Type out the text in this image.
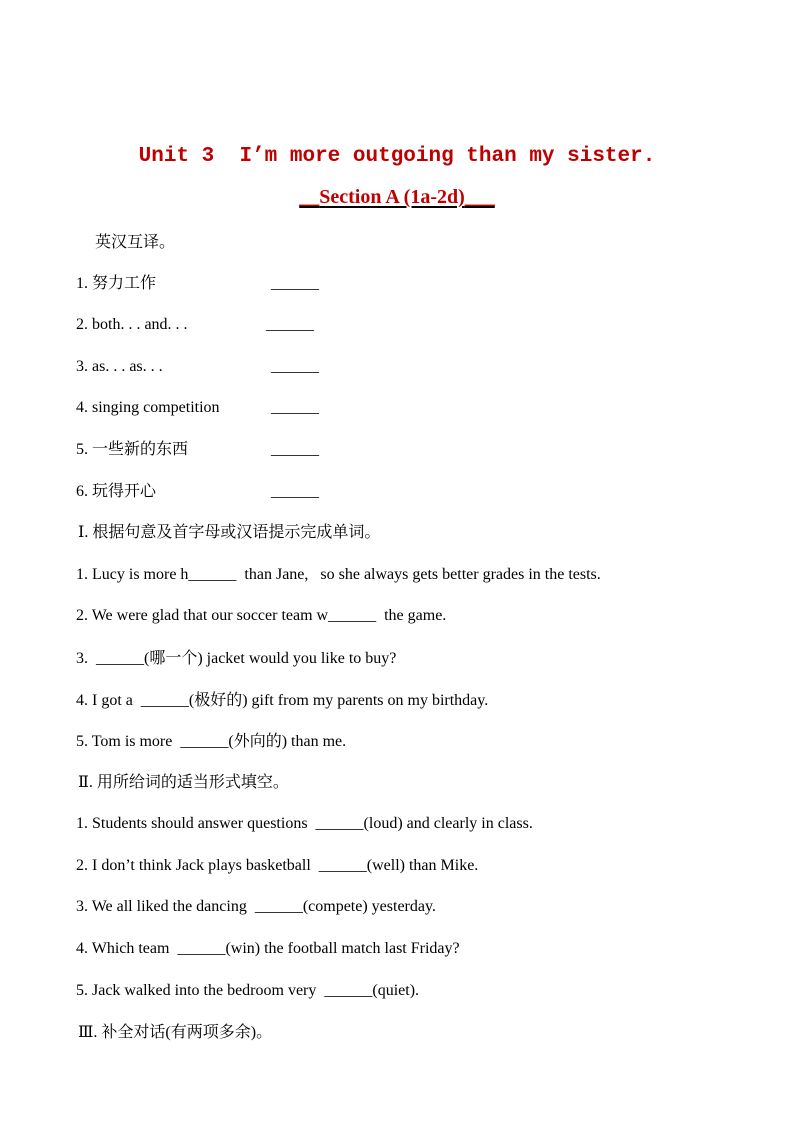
Unit 3  I’m more outgoing than my sister.
__Section A (1a-2d)___
英汉互译。
1. 努力工作	______
2. both. . . and. . .	______
3. as. . . as. . .	______
4. singing competition	______
5. 一些新的东西	______
6. 玩得开心	______
Ⅰ. 根据句意及首字母或汉语提示完成单词。
1. Lucy is more h______  than Jane,   so she always gets better grades in the tests.
2. We were glad that our soccer team w______  the game.
3.  ______(哪一个) jacket would you like to buy?
4. I got a  ______(极好的) gift from my parents on my birthday.
5. Tom is more  ______(外向的) than me.
Ⅱ. 用所给词的适当形式填空。
1. Students should answer questions  ______(loud) and clearly in class.
2. I don’t think Jack plays basketball  ______(well) than Mike.
3. We all liked the dancing  ______(compete) yesterday.
4. Which team  ______(win) the football match last Friday?
5. Jack walked into the bedroom very  ______(quiet).
Ⅲ. 补全对话(有两项多余)。
